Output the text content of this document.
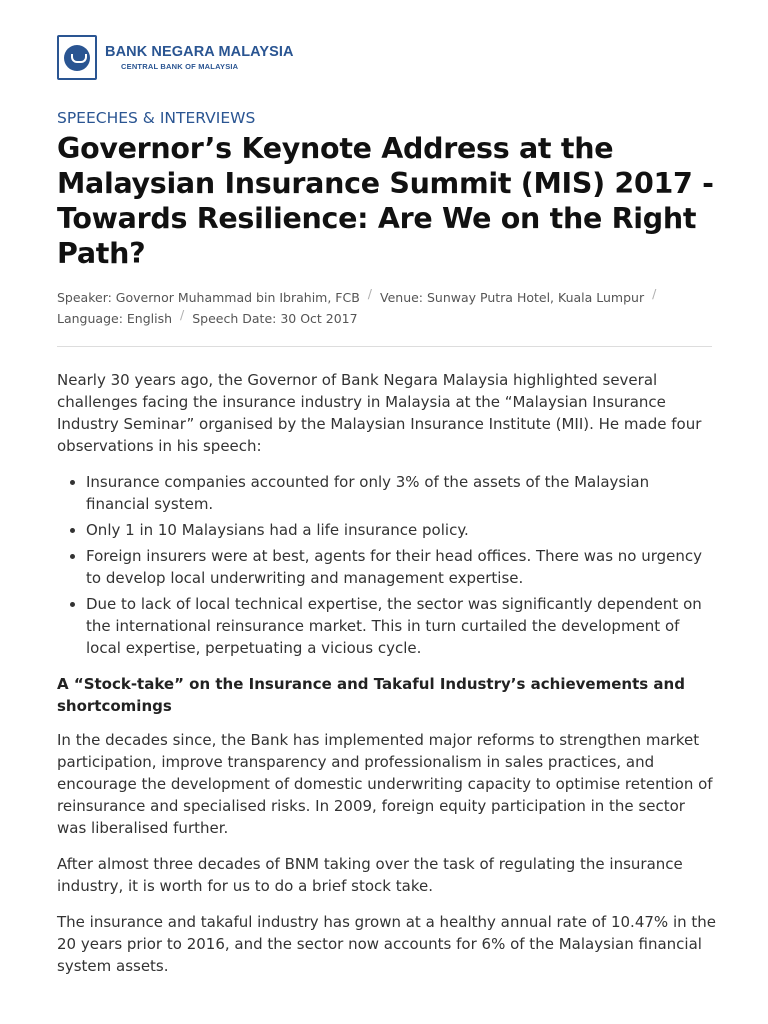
BANK NEGARA MALAYSIA
CENTRAL BANK OF MALAYSIA
SPEECHES & INTERVIEWS
Governor’s Keynote Address at the Malaysian Insurance Summit (MIS) 2017 - Towards Resilience: Are We on the Right Path?
Speaker: Governor Muhammad bin Ibrahim, FCB / Venue: Sunway Putra Hotel, Kuala Lumpur /
Language: English / Speech Date: 30 Oct 2017

Nearly 30 years ago, the Governor of Bank Negara Malaysia highlighted several challenges facing the insurance industry in Malaysia at the “Malaysian Insurance Industry Seminar” organised by the Malaysian Insurance Institute (MII). He made four observations in his speech:

• Insurance companies accounted for only 3% of the assets of the Malaysian financial system.
• Only 1 in 10 Malaysians had a life insurance policy.
• Foreign insurers were at best, agents for their head offices. There was no urgency to develop local underwriting and management expertise.
• Due to lack of local technical expertise, the sector was significantly dependent on the international reinsurance market. This in turn curtailed the development of local expertise, perpetuating a vicious cycle.
A “Stock-take” on the Insurance and Takaful Industry’s achievements and shortcomings

In the decades since, the Bank has implemented major reforms to strengthen market participation, improve transparency and professionalism in sales practices, and encourage the development of domestic underwriting capacity to optimise retention of reinsurance and specialised risks. In 2009, foreign equity participation in the sector was liberalised further.

After almost three decades of BNM taking over the task of regulating the insurance industry, it is worth for us to do a brief stock take.

The insurance and takaful industry has grown at a healthy annual rate of 10.47% in the 20 years prior to 2016, and the sector now accounts for 6% of the Malaysian financial system assets.
